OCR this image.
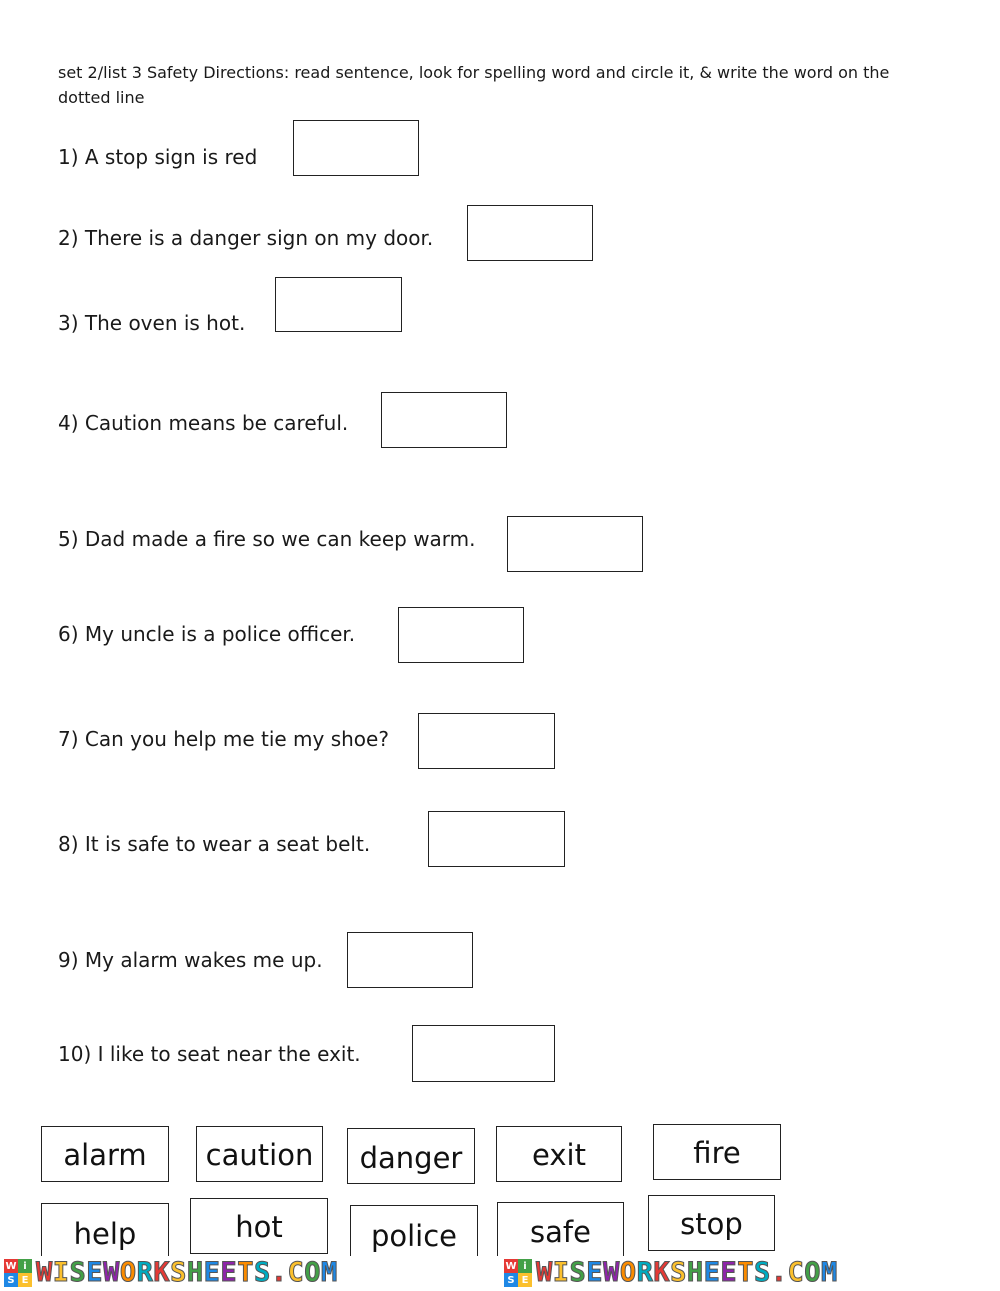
set 2/list 3 Safety Directions: read sentence, look for spelling word and circle it, & write the word on the dotted line
1) A stop sign is red
2) There is a danger sign on my door.
3) The oven is hot.
4) Caution means be careful.
5) Dad made a fire so we can keep warm.
6) My uncle is a police officer.
7) Can you help me tie my shoe?
8) It is safe to wear a seat belt.
9) My alarm wakes me up.
10) I like to seat near the exit.
alarm	caution	danger	exit	fire
help	hot	police	safe	stop
W i
S E WISEWORKSHEETS.COM	W i
S E WISEWORKSHEETS.COM
